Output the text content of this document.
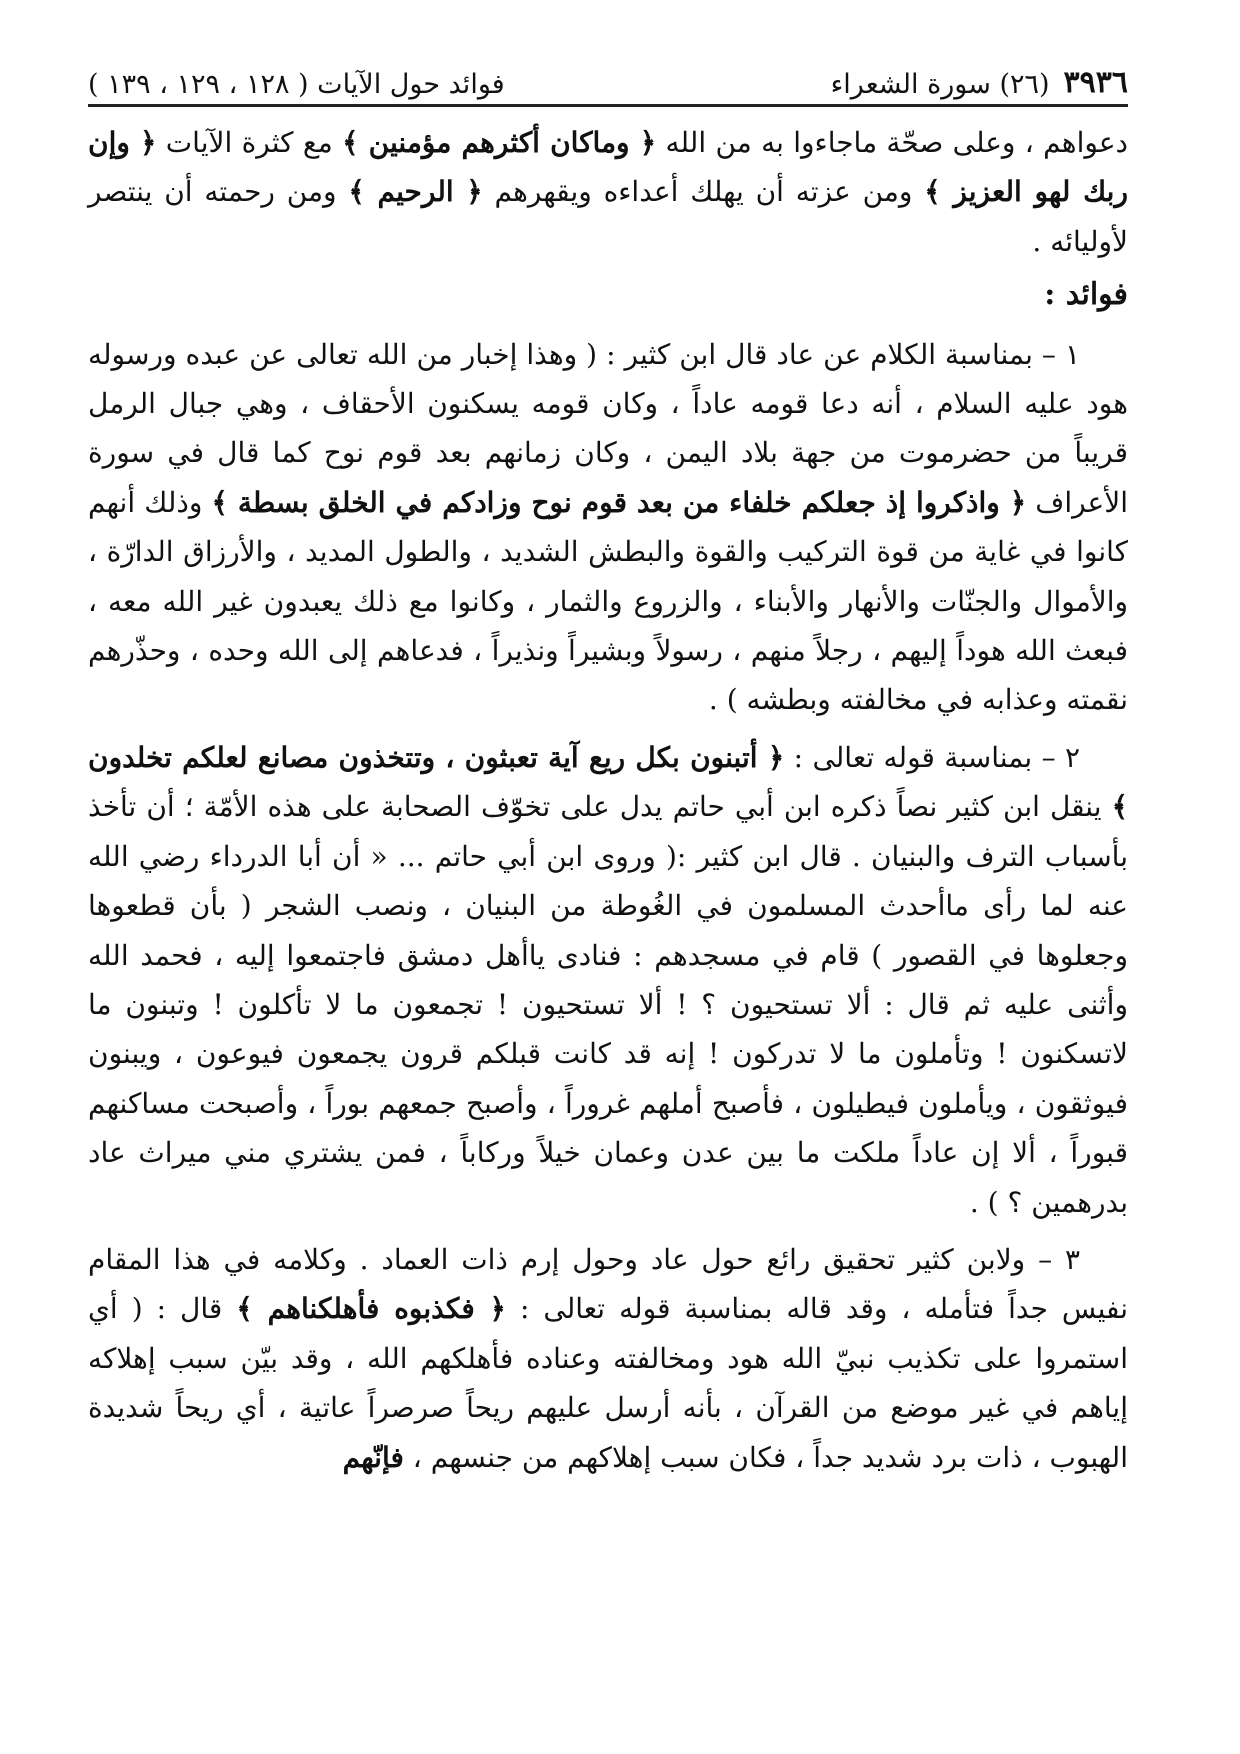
٣٩٣٦
(٢٦) سورة الشعراء
فوائد حول الآيات ( ١٢٨ ، ١٢٩ ، ١٣٩ )

دعواهم ، وعلى صحّة ماجاءوا به من الله ﴿ وماكان أكثرهم مؤمنين ﴾ مع كثرة الآيات ﴿ وإن ربك لهو العزيز ﴾ ومن عزته أن يهلك أعداءه ويقهرهم ﴿ الرحيم ﴾ ومن رحمته أن ينتصر لأوليائه .

فوائد :

١ – بمناسبة الكلام عن عاد قال ابن كثير : ( وهذا إخبار من الله تعالى عن عبده ورسوله هود عليه السلام ، أنه دعا قومه عاداً ، وكان قومه يسكنون الأحقاف ، وهي جبال الرمل قريباً من حضرموت من جهة بلاد اليمن ، وكان زمانهم بعد قوم نوح كما قال في سورة الأعراف ﴿ واذكروا إذ جعلكم خلفاء من بعد قوم نوح وزادكم في الخلق بسطة ﴾ وذلك أنهم كانوا في غاية من قوة التركيب والقوة والبطش الشديد ، والطول المديد ، والأرزاق الدارّة ، والأموال والجنّات والأنهار والأبناء ، والزروع والثمار ، وكانوا مع ذلك يعبدون غير الله معه ، فبعث الله هوداً إليهم ، رجلاً منهم ، رسولاً وبشيراً ونذيراً ، فدعاهم إلى الله وحده ، وحذّرهم نقمته وعذابه في مخالفته وبطشه ) .

٢ – بمناسبة قوله تعالى : ﴿ أتبنون بكل ريع آية تعبثون ، وتتخذون مصانع لعلكم تخلدون ﴾ ينقل ابن كثير نصاً ذكره ابن أبي حاتم يدل على تخوّف الصحابة على هذه الأمّة ؛ أن تأخذ بأسباب الترف والبنيان . قال ابن كثير :( وروى ابن أبي حاتم ... « أن أبا الدرداء رضي الله عنه لما رأى ماأحدث المسلمون في الغُوطة من البنيان ، ونصب الشجر ( بأن قطعوها وجعلوها في القصور ) قام في مسجدهم : فنادى ياأهل دمشق فاجتمعوا إليه ، فحمد الله وأثنى عليه ثم قال : ألا تستحيون ؟ ! ألا تستحيون ! تجمعون ما لا تأكلون ! وتبنون ما لاتسكنون ! وتأملون ما لا تدركون ! إنه قد كانت قبلكم قرون يجمعون فيوعون ، ويبنون فيوثقون ، ويأملون فيطيلون ، فأصبح أملهم غروراً ، وأصبح جمعهم بوراً ، وأصبحت مساكنهم قبوراً ، ألا إن عاداً ملكت ما بين عدن وعمان خيلاً وركاباً ، فمن يشتري مني ميراث عاد بدرهمين ؟ ) .

٣ – ولابن كثير تحقيق رائع حول عاد وحول إرم ذات العماد . وكلامه في هذا المقام نفيس جداً فتأمله ، وقد قاله بمناسبة قوله تعالى : ﴿ فكذبوه فأهلكناهم ﴾ قال : ( أي استمروا على تكذيب نبيّ الله هود ومخالفته وعناده فأهلكهم الله ، وقد بيّن سبب إهلاكه إياهم في غير موضع من القرآن ، بأنه أرسل عليهم ريحاً صرصراً عاتية ، أي ريحاً شديدة الهبوب ، ذات برد شديد جداً ، فكان سبب إهلاكهم من جنسهم ، فإنّهم
